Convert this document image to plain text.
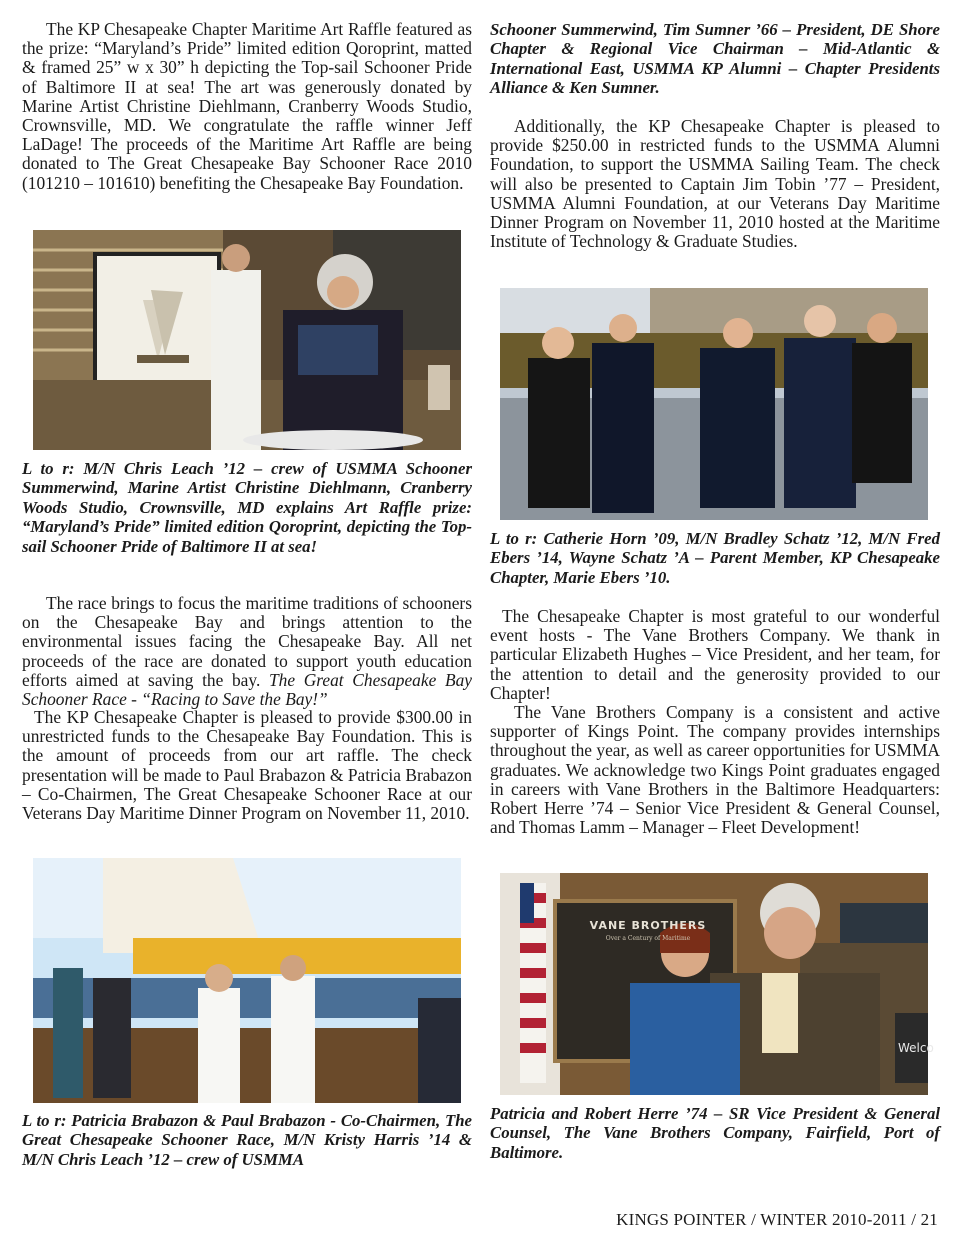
The KP Chesapeake Chapter Maritime Art Raffle featured as the prize: “Maryland’s Pride” limited edition Qoroprint, matted & framed 25” w x 30” h depicting the Top-sail Schooner Pride of Baltimore II at sea! The art was generously donated by Marine Artist Christine Diehlmann, Cranberry Woods Studio, Crownsville, MD. We congratulate the raffle winner Jeff LaDage! The proceeds of the Maritime Art Raffle are being donated to The Great Chesapeake Bay Schooner Race 2010 (101210 – 101610) benefiting the Chesapeake Bay Foundation.

L to r: M/N Chris Leach ’12 – crew of USMMA Schooner Summerwind, Marine Artist Christine Diehlmann, Cranberry Woods Studio, Crownsville, MD explains Art Raffle prize: “Maryland’s Pride” limited edition Qoroprint, depicting the Top-sail Schooner Pride of Baltimore II at sea!

The race brings to focus the maritime traditions of schooners on the Chesapeake Bay and brings attention to the environmental issues facing the Chesapeake Bay. All net proceeds of the race are donated to support youth education efforts aimed at saving the bay. The Great Chesapeake Bay Schooner Race - “Racing to Save the Bay!”

The KP Chesapeake Chapter is pleased to provide $300.00 in unrestricted funds to the Chesapeake Bay Foundation. This is the amount of proceeds from our art raffle. The check presentation will be made to Paul Brabazon & Patricia Brabazon – Co-Chairmen, The Great Chesapeake Schooner Race at our Veterans Day Maritime Dinner Program on November 11, 2010.

L to r: Patricia Brabazon & Paul Brabazon - Co-Chairmen, The Great Chesapeake Schooner Race, M/N Kristy Harris ’14 & M/N Chris Leach ’12 – crew of USMMA

Schooner Summerwind, Tim Sumner ’66 – President, DE Shore Chapter & Regional Vice Chairman – Mid-Atlantic & International East, USMMA KP Alumni – Chapter Presidents Alliance & Ken Sumner.

Additionally, the KP Chesapeake Chapter is pleased to provide $250.00 in restricted funds to the USMMA Alumni Foundation, to support the USMMA Sailing Team. The check will also be presented to Captain Jim Tobin ’77 – President, USMMA Alumni Foundation, at our Veterans Day Maritime Dinner Program on November 11, 2010 hosted at the Maritime Institute of Technology & Graduate Studies.

L to r: Catherie Horn ’09, M/N Bradley Schatz ’12, M/N Fred Ebers ’14, Wayne Schatz ’A – Parent Member, KP Chesapeake Chapter, Marie Ebers ’10.

The Chesapeake Chapter is most grateful to our wonderful event hosts - The Vane Brothers Company. We thank in particular Elizabeth Hughes – Vice President, and her team, for the attention to detail and the generosity provided to our Chapter!

The Vane Brothers Company is a consistent and active supporter of Kings Point. The company provides internships throughout the year, as well as career opportunities for USMMA graduates. We acknowledge two Kings Point graduates engaged in careers with Vane Brothers in the Baltimore Headquarters: Robert Herre ’74 – Senior Vice President & General Counsel, and Thomas Lamm – Manager – Fleet Development!

VANE BROTHERS
Over a Century of Maritime
Welco

Patricia and Robert Herre ’74 – SR Vice President & General Counsel, The Vane Brothers Company, Fairfield, Port of Baltimore.

KINGS POINTER / WINTER 2010-2011 / 21
